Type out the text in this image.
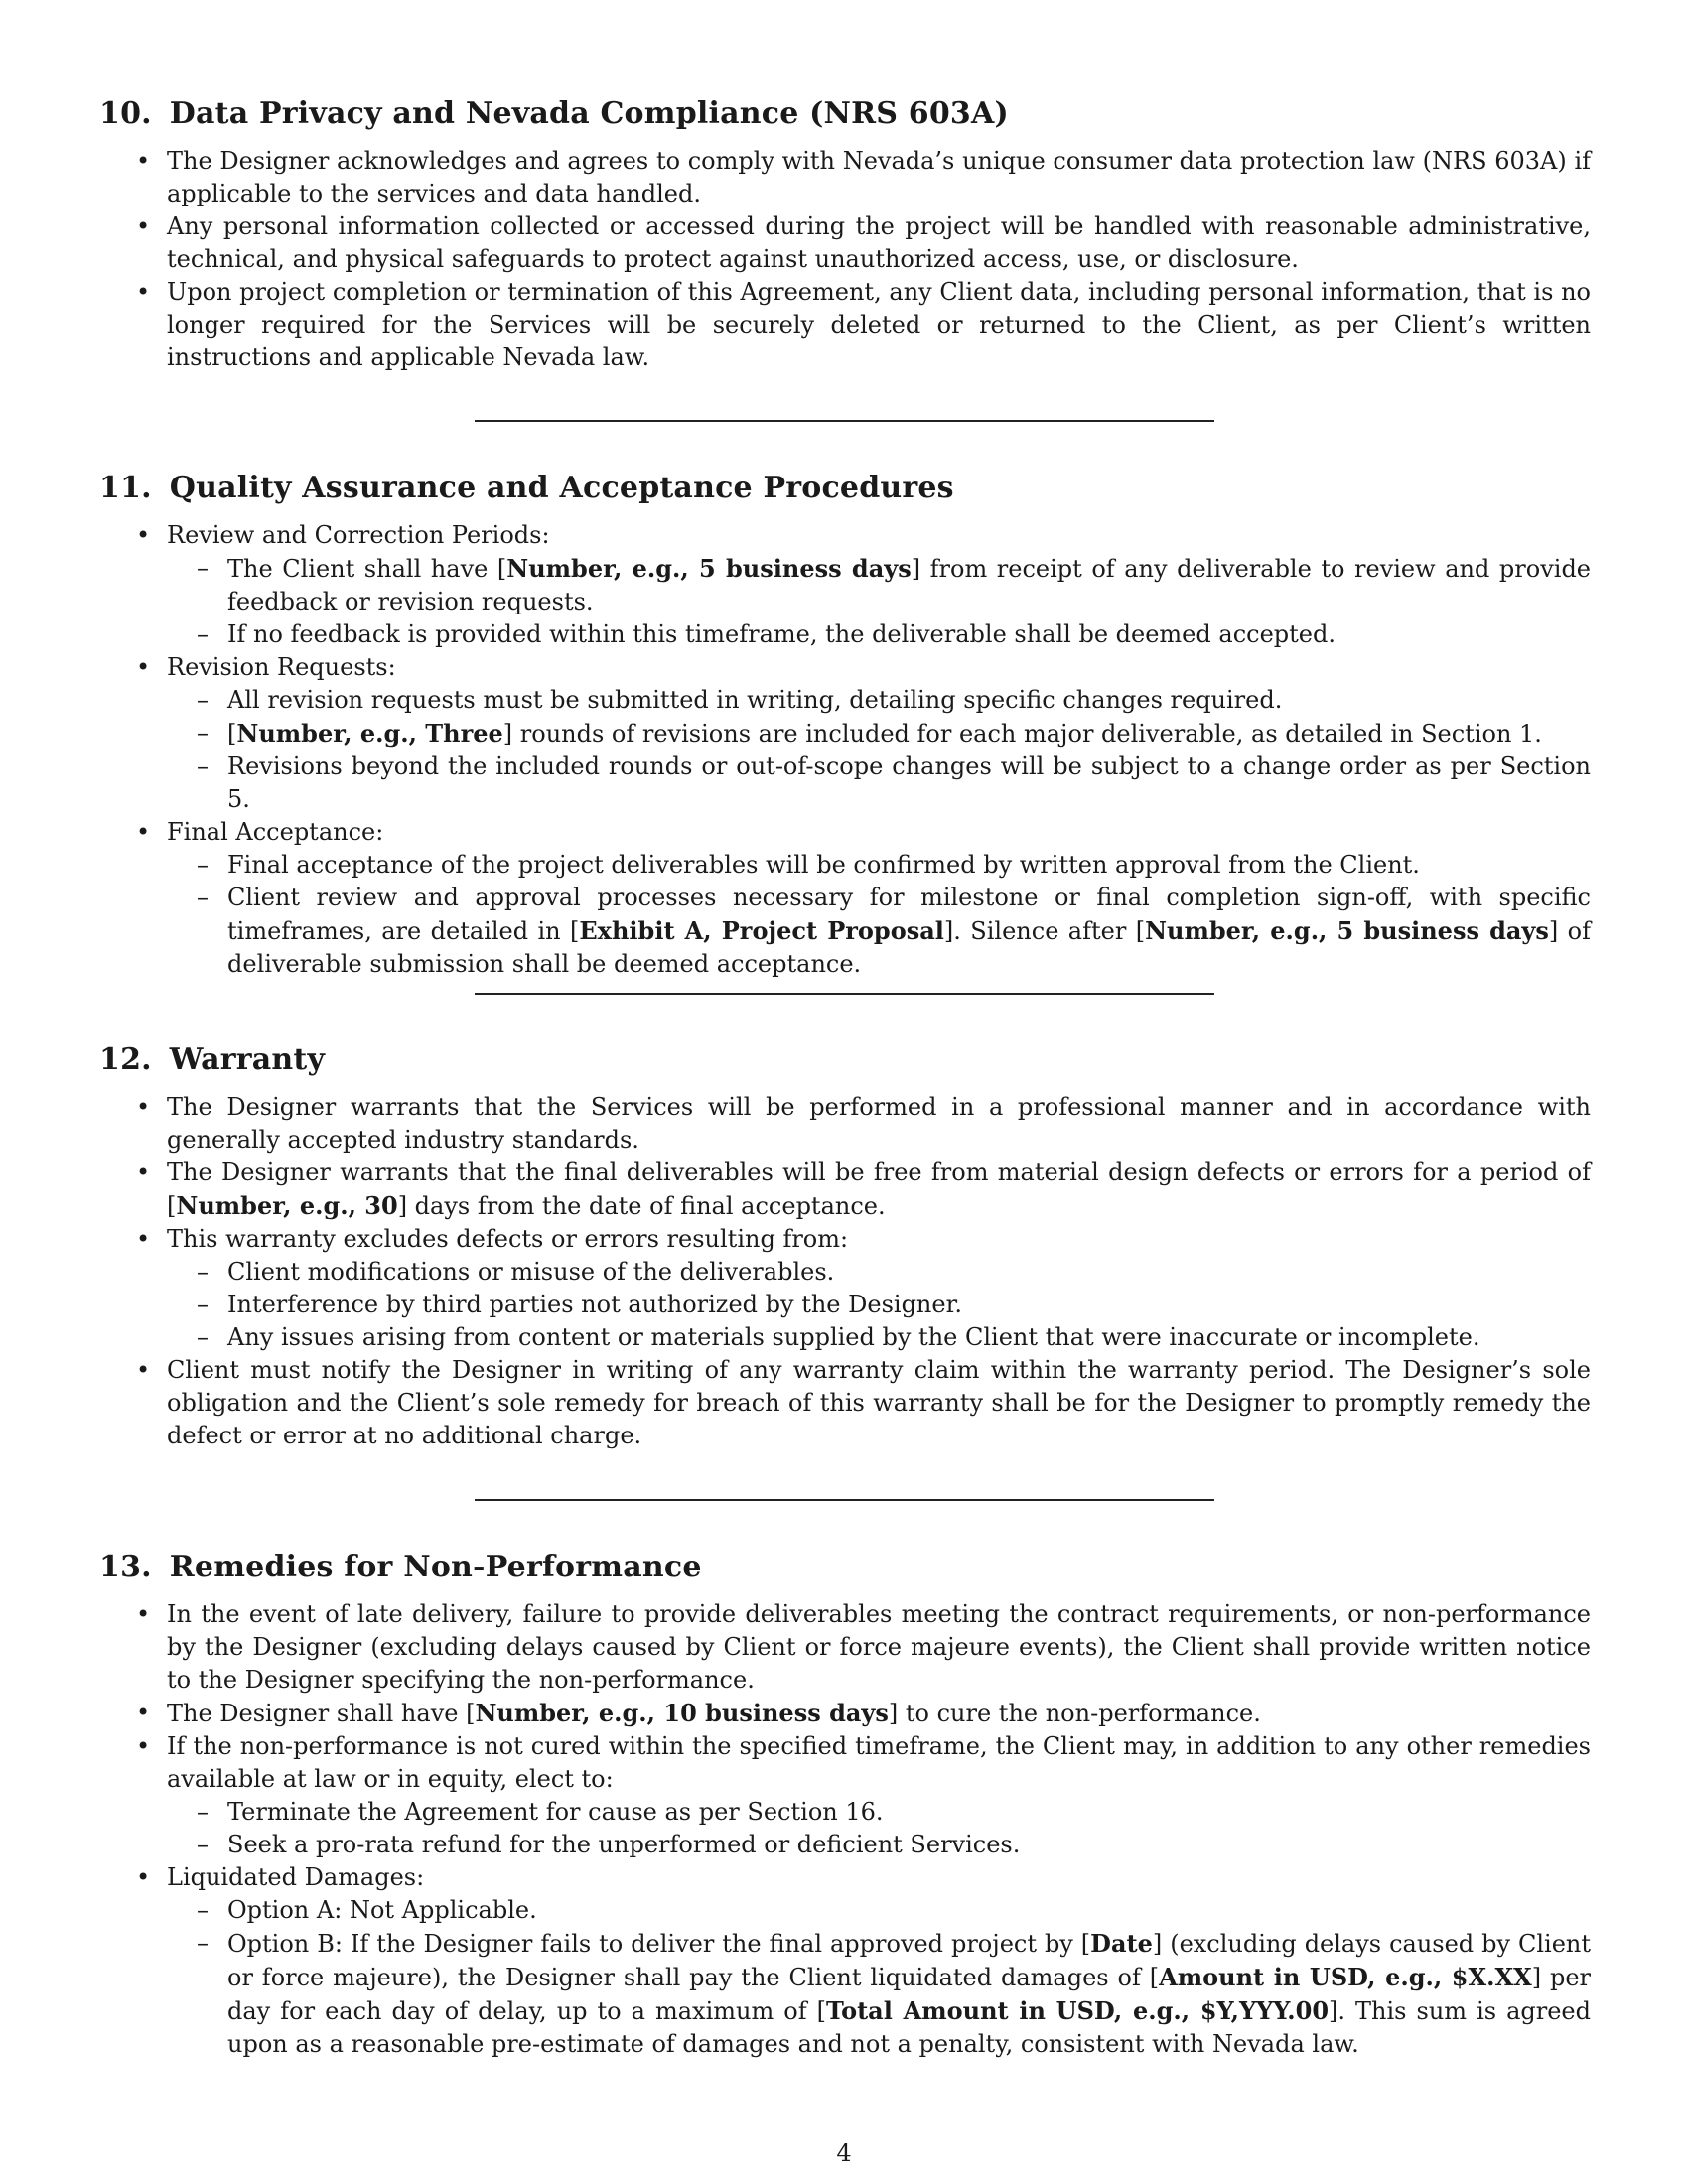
10. Data Privacy and Nevada Compliance (NRS 603A)
• The Designer acknowledges and agrees to comply with Nevada’s unique consumer data protection law (NRS 603A) if applicable to the services and data handled.
• Any personal information collected or accessed during the project will be handled with reasonable administrative, technical, and physical safeguards to protect against unauthorized access, use, or disclosure.
• Upon project completion or termination of this Agreement, any Client data, including personal information, that is no longer required for the Services will be securely deleted or returned to the Client, as per Client’s written instructions and applicable Nevada law.
11. Quality Assurance and Acceptance Procedures
• Review and Correction Periods:
– The Client shall have [Number, e.g., 5 business days] from receipt of any deliverable to review and provide feedback or revision requests.
– If no feedback is provided within this timeframe, the deliverable shall be deemed accepted.
• Revision Requests:
– All revision requests must be submitted in writing, detailing specific changes required.
– [Number, e.g., Three] rounds of revisions are included for each major deliverable, as detailed in Section 1.
– Revisions beyond the included rounds or out-of-scope changes will be subject to a change order as per Section 5.
• Final Acceptance:
– Final acceptance of the project deliverables will be confirmed by written approval from the Client.
– Client review and approval processes necessary for milestone or final completion sign-off, with specific timeframes, are detailed in [Exhibit A, Project Proposal]. Silence after [Number, e.g., 5 business days] of deliverable submission shall be deemed acceptance.
12. Warranty
• The Designer warrants that the Services will be performed in a professional manner and in accordance with generally accepted industry standards.
• The Designer warrants that the final deliverables will be free from material design defects or errors for a period of [Number, e.g., 30] days from the date of final acceptance.
• This warranty excludes defects or errors resulting from:
– Client modifications or misuse of the deliverables.
– Interference by third parties not authorized by the Designer.
– Any issues arising from content or materials supplied by the Client that were inaccurate or incomplete.
• Client must notify the Designer in writing of any warranty claim within the warranty period. The Designer’s sole obligation and the Client’s sole remedy for breach of this warranty shall be for the Designer to promptly remedy the defect or error at no additional charge.
13. Remedies for Non-Performance
• In the event of late delivery, failure to provide deliverables meeting the contract requirements, or non-performance by the Designer (excluding delays caused by Client or force majeure events), the Client shall provide written notice to the Designer specifying the non-performance.
• The Designer shall have [Number, e.g., 10 business days] to cure the non-performance.
• If the non-performance is not cured within the specified timeframe, the Client may, in addition to any other remedies available at law or in equity, elect to:
– Terminate the Agreement for cause as per Section 16.
– Seek a pro-rata refund for the unperformed or deficient Services.
• Liquidated Damages:
– Option A: Not Applicable.
– Option B: If the Designer fails to deliver the final approved project by [Date] (excluding delays caused by Client or force majeure), the Designer shall pay the Client liquidated damages of [Amount in USD, e.g., $X.XX] per day for each day of delay, up to a maximum of [Total Amount in USD, e.g., $Y,YYY.00]. This sum is agreed upon as a reasonable pre-estimate of damages and not a penalty, consistent with Nevada law.
4
